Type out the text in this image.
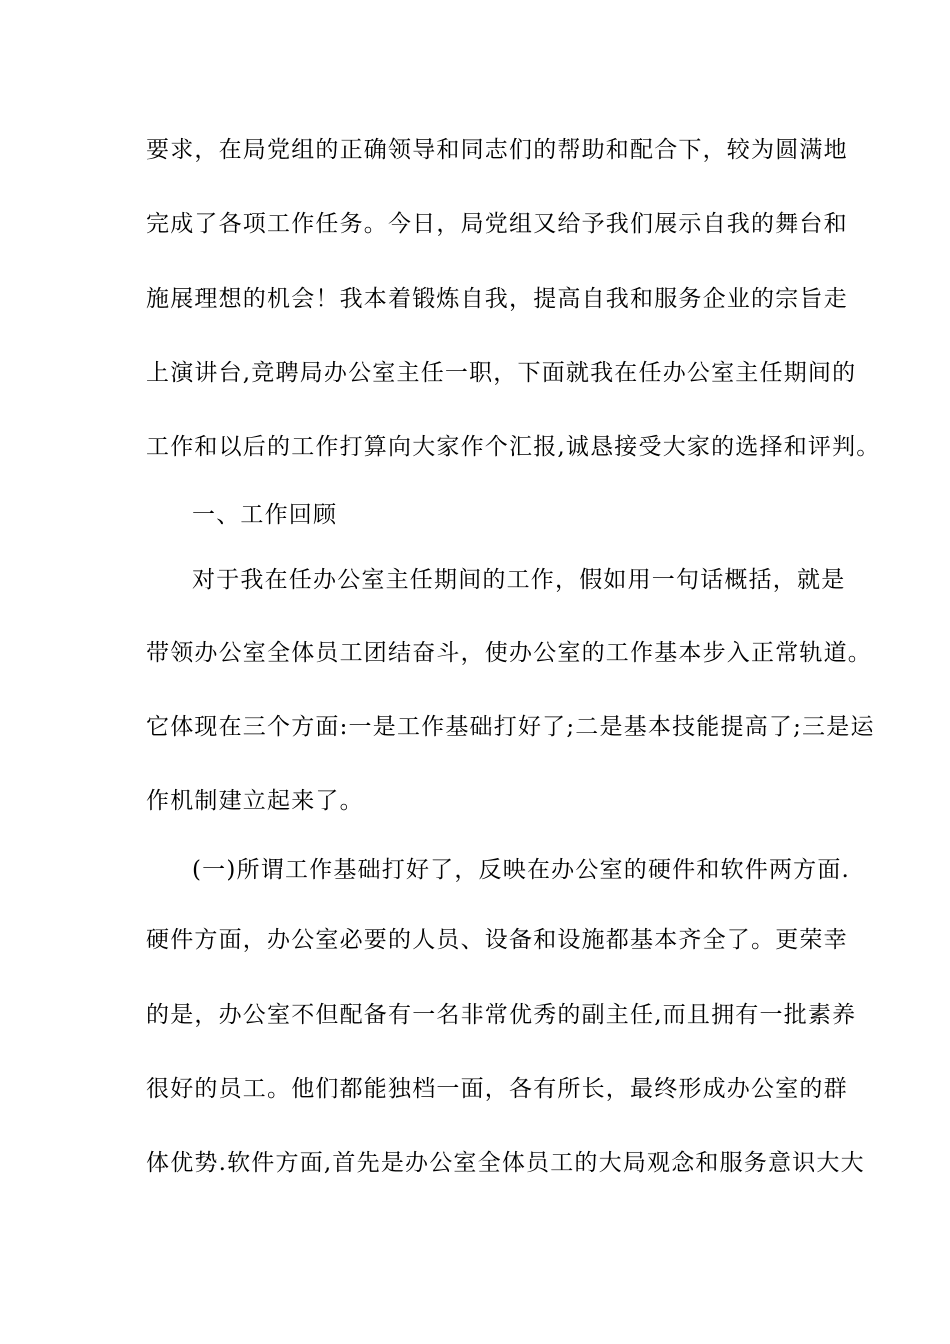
要求，在局党组的正确领导和同志们的帮助和配合下，较为圆满地
完成了各项工作任务。今日，局党组又给予我们展示自我的舞台和
施展理想的机会！我本着锻炼自我，提高自我和服务企业的宗旨走
上演讲台,竞聘局办公室主任一职，下面就我在任办公室主任期间的
工作和以后的工作打算向大家作个汇报,诚恳接受大家的选择和评判。
一、工作回顾
对于我在任办公室主任期间的工作，假如用一句话概括，就是
带领办公室全体员工团结奋斗，使办公室的工作基本步入正常轨道。
它体现在三个方面:一是工作基础打好了;二是基本技能提高了;三是运
作机制建立起来了。
(一)所谓工作基础打好了，反映在办公室的硬件和软件两方面.
硬件方面，办公室必要的人员、设备和设施都基本齐全了。更荣幸
的是，办公室不但配备有一名非常优秀的副主任,而且拥有一批素养
很好的员工。他们都能独档一面，各有所长，最终形成办公室的群
体优势.软件方面,首先是办公室全体员工的大局观念和服务意识大大
